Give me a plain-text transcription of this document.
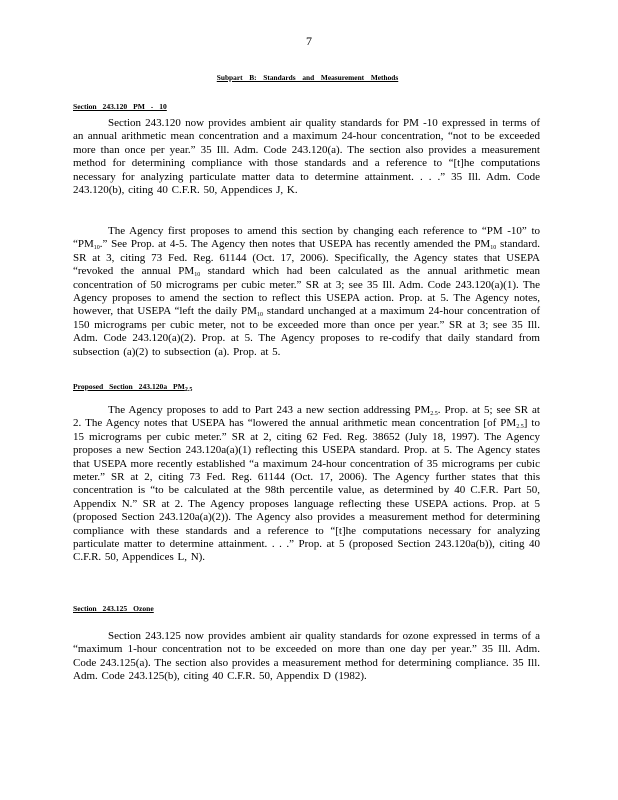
7
Subpart B: Standards and Measurement Methods
Section 243.120 PM - 10

Section 243.120 now provides ambient air quality standards for PM -10 expressed in terms of an annual arithmetic mean concentration and a maximum 24-hour concentration, “not to be exceeded more than once per year.” 35 Ill. Adm. Code 243.120(a). The section also provides a measurement method for determining compliance with those standards and a reference to “[t]he computations necessary for analyzing particulate matter data to determine attainment. . . .” 35 Ill. Adm. Code 243.120(b), citing 40 C.F.R. 50, Appendices J, K.

The Agency first proposes to amend this section by changing each reference to “PM -10” to “$PM_{10}$.” See Prop. at 4-5. The Agency then notes that USEPA has recently amended the $PM_{10}$ standard. SR at 3, citing 73 Fed. Reg. 61144 (Oct. 17, 2006). Specifically, the Agency states that USEPA “revoked the annual $PM_{10}$ standard which had been calculated as the annual arithmetic mean concentration of 50 micrograms per cubic meter.” SR at 3; see 35 Ill. Adm. Code 243.120(a)(1). The Agency proposes to amend the section to reflect this USEPA action. Prop. at 5. The Agency notes, however, that USEPA “left the daily $PM_{10}$ standard unchanged at a maximum 24-hour concentration of 150 micrograms per cubic meter, not to be exceeded more than once per year.” SR at 3; see 35 Ill. Adm. Code 243.120(a)(2). Prop. at 5. The Agency proposes to re-codify that daily standard from subsection (a)(2) to subsection (a). Prop. at 5.

Proposed Section 243.120a $PM_{2.5}$

The Agency proposes to add to Part 243 a new section addressing $PM_{2.5}$. Prop. at 5; see SR at 2. The Agency notes that USEPA has “lowered the annual arithmetic mean concentration [of $PM_{2.5}$] to 15 micrograms per cubic meter.” SR at 2, citing 62 Fed. Reg. 38652 (July 18, 1997). The Agency proposes a new Section 243.120a(a)(1) reflecting this USEPA standard. Prop. at 5. The Agency states that USEPA more recently established “a maximum 24-hour concentration of 35 micrograms per cubic meter.” SR at 2, citing 73 Fed. Reg. 61144 (Oct. 17, 2006). The Agency further states that this concentration is “to be calculated at the 98th percentile value, as determined by 40 C.F.R. Part 50, Appendix N.” SR at 2. The Agency proposes language reflecting these USEPA actions. Prop. at 5 (proposed Section 243.120a(a)(2)). The Agency also provides a measurement method for determining compliance with these standards and a reference to “[t]he computations necessary for analyzing particulate matter to determine attainment. . . .” Prop. at 5 (proposed Section 243.120a(b)), citing 40 C.F.R. 50, Appendices L, N).

Section 243.125 Ozone

Section 243.125 now provides ambient air quality standards for ozone expressed in terms of a “maximum 1-hour concentration not to be exceeded on more than one day per year.” 35 Ill. Adm. Code 243.125(a). The section also provides a measurement method for determining compliance. 35 Ill. Adm. Code 243.125(b), citing 40 C.F.R. 50, Appendix D (1982).
